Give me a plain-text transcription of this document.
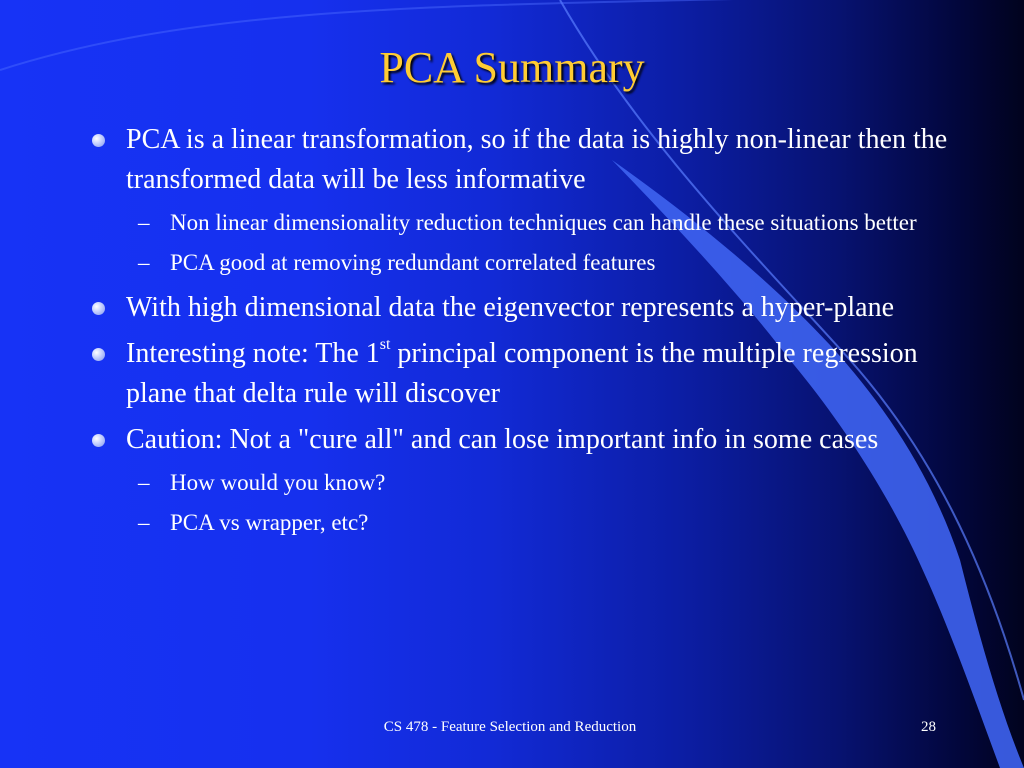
PCA Summary
PCA is a linear transformation, so if the data is highly non-linear then the transformed data will be less informative
– Non linear dimensionality reduction techniques can handle these situations better
– PCA good at removing redundant correlated features
With high dimensional data the eigenvector represents a hyper-plane
Interesting note: The 1st principal component is the multiple regression plane that delta rule will discover
Caution: Not a "cure all" and can lose important info in some cases
– How would you know?
– PCA vs wrapper, etc?
CS 478 - Feature Selection and Reduction	28
